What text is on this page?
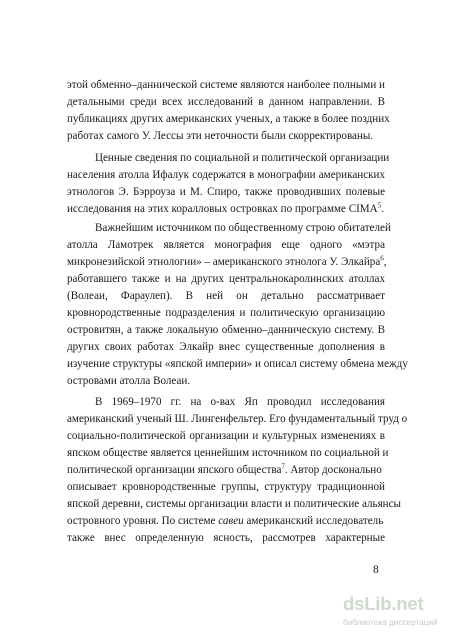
этой обменно–даннической системе являются наиболее полными и
детальными среди всех исследований в данном направлении. В
публикациях других американских ученых, а также в более поздних
работах самого У. Лессы эти неточности были скорректированы.
Ценные сведения по социальной и политической организации
населения атолла Ифалук содержатся в монографии американских
этнологов Э. Бэрроуза и М. Спиро, также проводивших полевые
исследования на этих коралловых островках по программе CIMA$^5$.
Важнейшим источником по общественному строю обитателей
атолла Ламотрек является монография еще одного «мэтра
микронезийской этнологии» – американского этнолога У. Элкайра$^6$,
работавшего также и на других центральнокаролинских атоллах
(Волеаи, Фараулеп). В ней он детально рассматривает
кровнородственные подразделения и политическую организацию
островитян, а также локальную обменно–данническую систему. В
других своих работах Элкайр внес существенные дополнения в
изучение структуры «япской империи» и описал систему обмена между
островами атолла Волеаи.
В 1969–1970 гг. на о-вах Яп проводил исследования
американский ученый Ш. Лингенфельтер. Его фундаментальный труд о
социально-политической организации и культурных изменениях в
япском обществе является ценнейшим источником по социальной и
политической организации япского общества$^7$. Автор досконально
описывает кровнородственные группы, структуру традиционной
япской деревни, системы организации власти и политические альянсы
островного уровня. По системе савеи американский исследователь
также внес определенную ясность, рассмотрев характерные
8
dsLib.net
библиотека диссертаций
